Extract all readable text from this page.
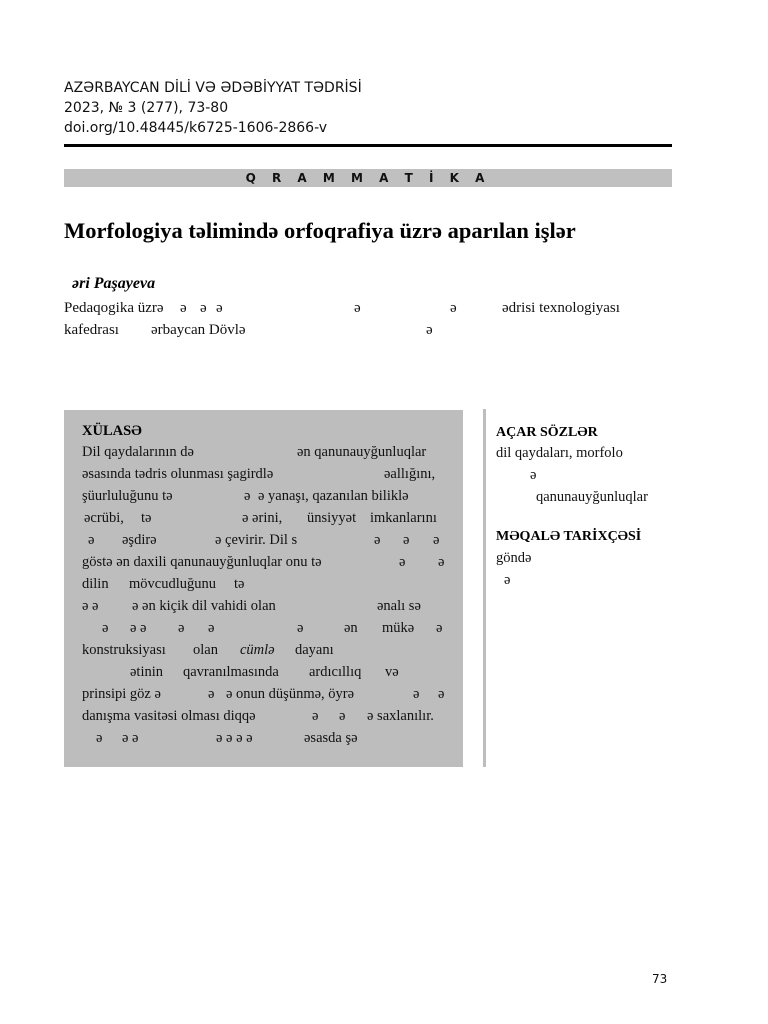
AZƏRBAYCAN DİLİ VƏ ƏDƏBİYYAT TƏDRİSİ
2023, № 3 (277), 73-80
doi.org/10.48445/k6725-1606-2866-v
Q R A M M A T İ K A
Morfologiya təlimində orfoqrafiya üzrə aparılan işlər
əri Paşayeva
Pedaqogika üzrə ə ə ə	ə	ə	ədrisi texnologiyası
kafedrası ərbaycan Dövlə	ə
XÜLASƏ
Dil qaydalarının də	ən qanunauyğunluqlar
əsasında tədris olunması şagirdlə	əallığını,
şüurluluğunu tə	ə ə yanaşı, qazanılan biliklə
əcrübi, tə	ə ərini, ünsiyyət imkanlarını
ə əşdirə	ə çevirir. Dil s	ə ə ə
göstə ən daxili qanunauyğunluqlar onu tə	ə ə
dilin mövcudluğunu tə
ə ə ə ən kiçik dil vahidi olan	ənalı sə
ə ə ə ə ə	ə	ən mükə ə
konstruksiyası olan cümlə dayanı
ətinin qavranılmasında ardıcıllıq və
prinsipi göz ə	ə ə onun düşünmə, öyrə	ə ə
danışma vasitəsi olması diqqə	ə ə ə saxlanılır.
ə ə ə	ə ə ə ə	əsasda şə
AÇAR SÖZLƏR
dil qaydaları, morfolo
ə
qanunauyğunluqlar
MƏQALƏ TARİXÇƏSİ
göndə
ə
73
